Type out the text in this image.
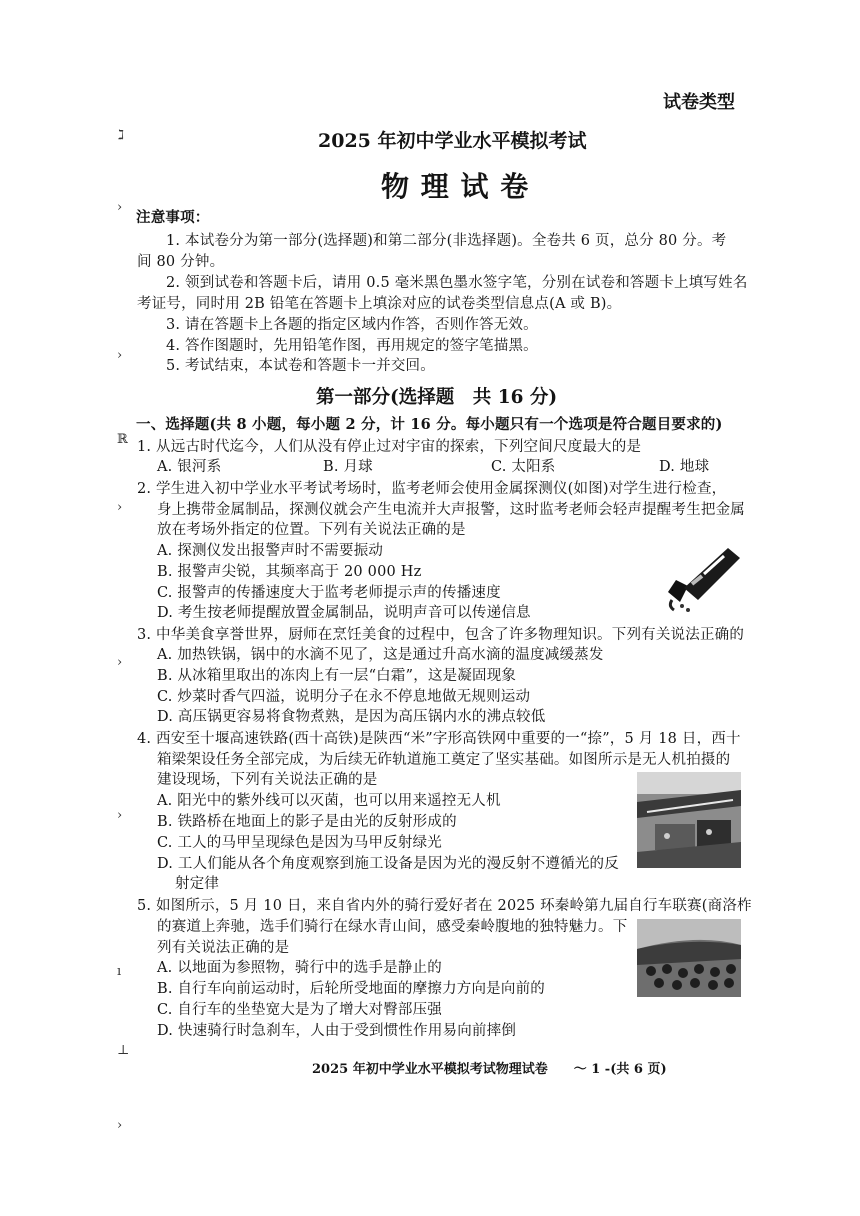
ℷ
›
›
ℝ
›
›
›
ı
⊥
›
试卷类型
2025 年初中学业水平模拟考试
物 理 试 卷
注意事项：
1. 本试卷分为第一部分(选择题)和第二部分(非选择题)。全卷共 6 页，总分 80 分。考
间 80 分钟。
2. 领到试卷和答题卡后，请用 0.5 毫米黑色墨水签字笔，分别在试卷和答题卡上填写姓名
考证号，同时用 2B 铅笔在答题卡上填涂对应的试卷类型信息点(A 或 B)。
3. 请在答题卡上各题的指定区域内作答，否则作答无效。
4. 答作图题时，先用铅笔作图，再用规定的签字笔描黑。
5. 考试结束，本试卷和答题卡一并交回。
第一部分(选择题　共 16 分)
一、选择题(共 8 小题，每小题 2 分，计 16 分。每小题只有一个选项是符合题目要求的)
1. 从远古时代迄今，人们从没有停止过对宇宙的探索，下列空间尺度最大的是
A. 银河系	B. 月球	C. 太阳系	D. 地球
2. 学生进入初中学业水平考试考场时，监考老师会使用金属探测仪(如图)对学生进行检查，
身上携带金属制品，探测仪就会产生电流并大声报警，这时监考老师会轻声提醒考生把金属
放在考场外指定的位置。下列有关说法正确的是
A. 探测仪发出报警声时不需要振动
B. 报警声尖锐，其频率高于 20 000 Hz
C. 报警声的传播速度大于监考老师提示声的传播速度
D. 考生按老师提醒放置金属制品，说明声音可以传递信息
3. 中华美食享誉世界，厨师在烹饪美食的过程中，包含了许多物理知识。下列有关说法正确的
A. 加热铁锅，锅中的水滴不见了，这是通过升高水滴的温度减缓蒸发
B. 从冰箱里取出的冻肉上有一层“白霜”，这是凝固现象
C. 炒菜时香气四溢，说明分子在永不停息地做无规则运动
D. 高压锅更容易将食物煮熟，是因为高压锅内水的沸点较低
4. 西安至十堰高速铁路(西十高铁)是陕西“米”字形高铁网中重要的一“捺”，5 月 18 日，西十
箱梁架设任务全部完成，为后续无砟轨道施工奠定了坚实基础。如图所示是无人机拍摄的
建设现场，下列有关说法正确的是
A. 阳光中的紫外线可以灭菌，也可以用来遥控无人机
B. 铁路桥在地面上的影子是由光的反射形成的
C. 工人的马甲呈现绿色是因为马甲反射绿光
D. 工人们能从各个角度观察到施工设备是因为光的漫反射不遵循光的反
射定律
5. 如图所示，5 月 10 日，来自省内外的骑行爱好者在 2025 环秦岭第九届自行车联赛(商洛柞
的赛道上奔驰，选手们骑行在绿水青山间，感受秦岭腹地的独特魅力。下
列有关说法正确的是
A. 以地面为参照物，骑行中的选手是静止的
B. 自行车向前运动时，后轮所受地面的摩擦力方向是向前的
C. 自行车的坐垫宽大是为了增大对臀部压强
D. 快速骑行时急刹车，人由于受到惯性作用易向前摔倒
2025 年初中学业水平模拟考试物理试卷　　〜 1 -(共 6 页)
